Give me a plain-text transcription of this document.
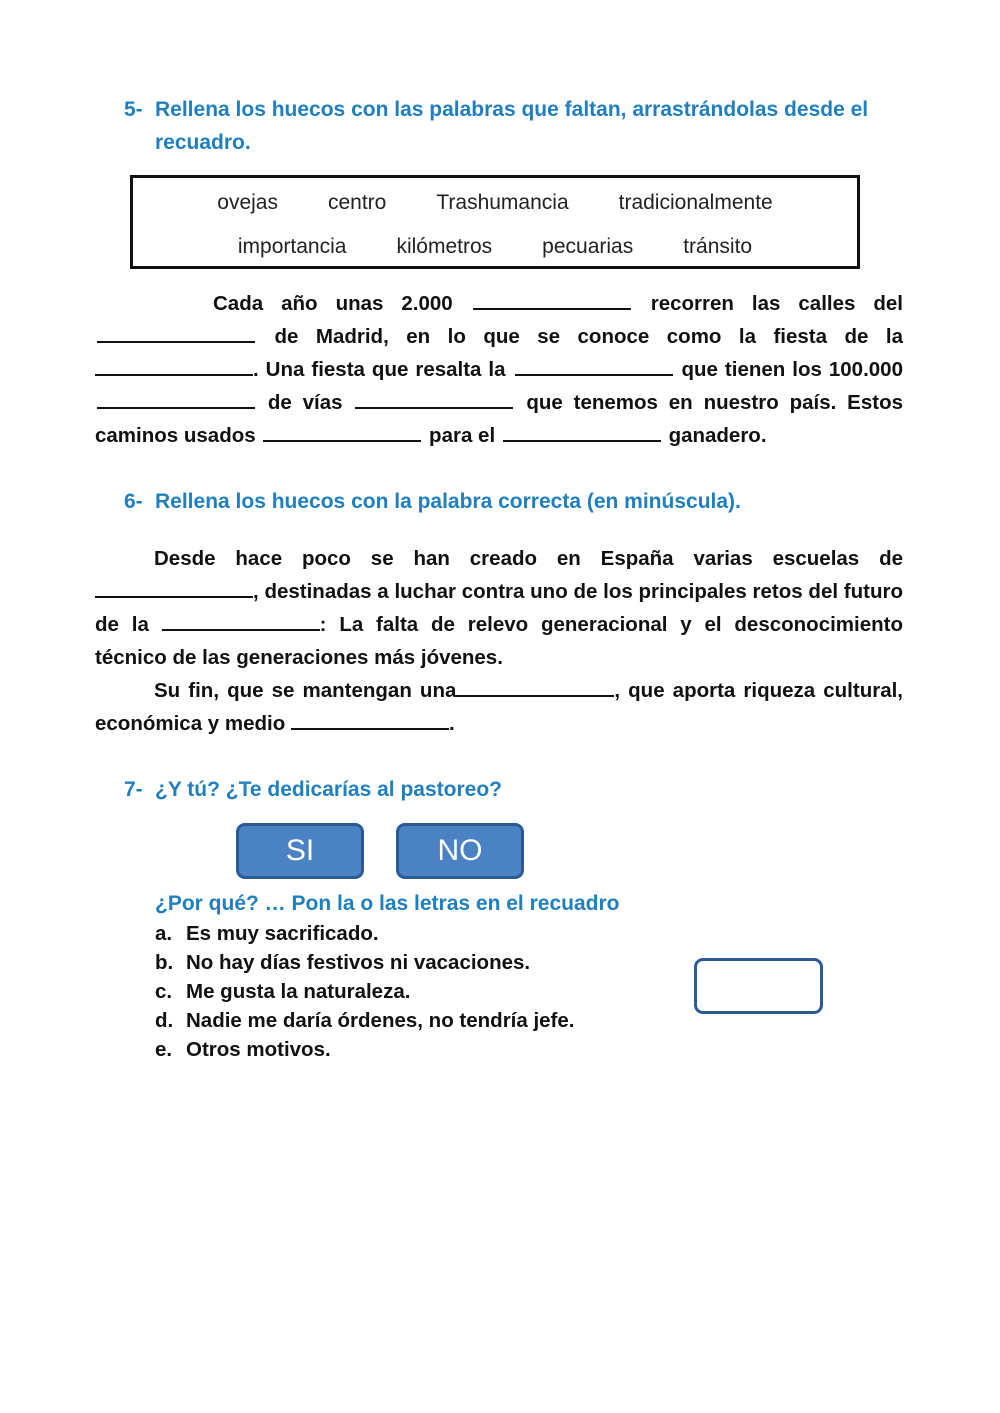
5- Rellena los huecos con las palabras que faltan, arrastrándolas desde el recuadro.
ovejas centro Trashumancia tradicionalmente
importancia kilómetros pecuarias tránsito
Cada año unas 2.000	recorren las calles del  de Madrid, en lo que se conoce como la fiesta de la . Una fiesta que resalta la	que tienen los 100.000  de vías	que tenemos en nuestro país. Estos caminos usados	para el	ganadero.
6- Rellena los huecos con la palabra correcta (en minúscula).
Desde hace poco se han creado en España varias escuelas de , destinadas a luchar contra uno de los principales retos del futuro de la	: La falta de relevo generacional y el desconocimiento técnico de las generaciones más jóvenes.
Su fin, que se mantengan una	, que aporta riqueza cultural, económica y medio	.
7- ¿Y tú? ¿Te dedicarías al pastoreo?
SI	NO
¿Por qué? … Pon la o las letras en el recuadro
a. Es muy sacrificado.
b. No hay días festivos ni vacaciones.
c. Me gusta la naturaleza.
d. Nadie me daría órdenes, no tendría jefe.
e. Otros motivos.
